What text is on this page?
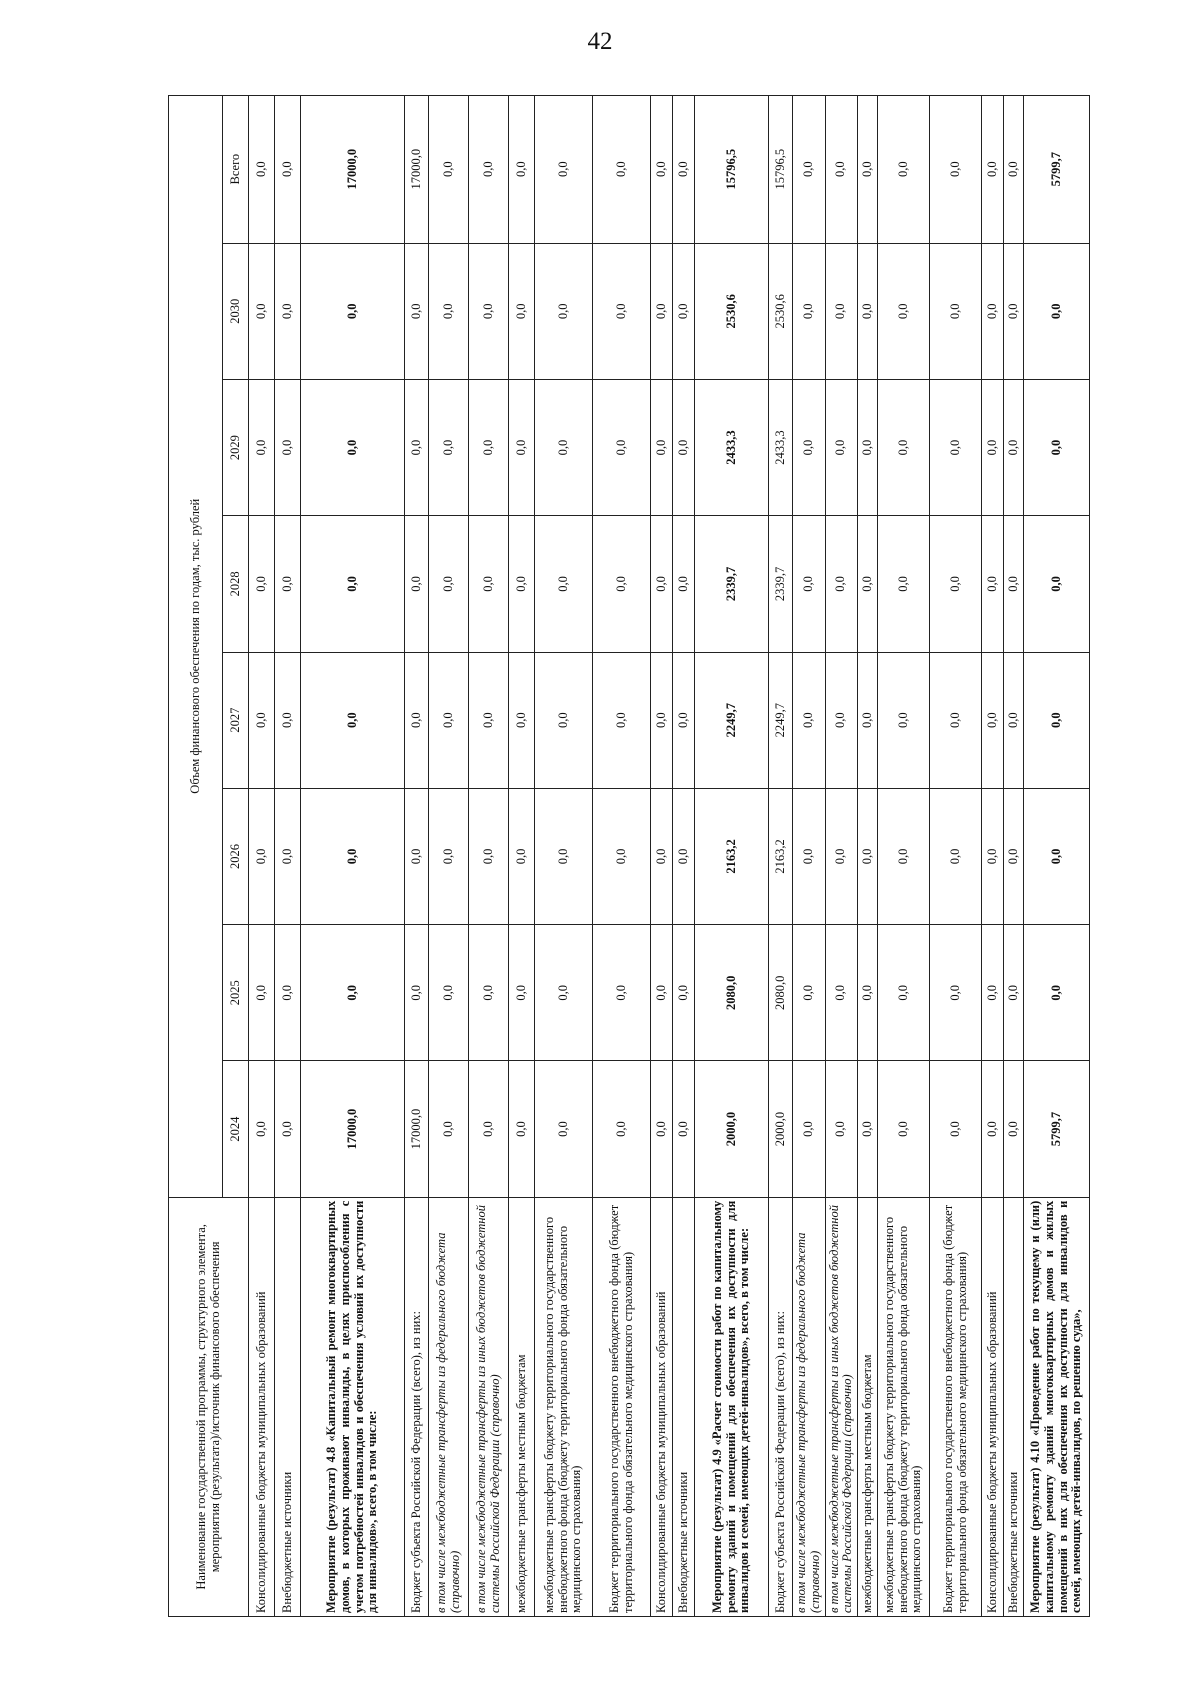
42
Наименование государственной программы, структурного элемента, мероприятия (результата)/источник финансового обеспечения	Объем финансового обеспечения по годам, тыс. рублей							
	2024	2025	2026	2027	2028	2029	2030	Всего
Консолидированные бюджеты муниципальных образований	0,0	0,0	0,0	0,0	0,0	0,0	0,0	0,0
Внебюджетные источники	0,0	0,0	0,0	0,0	0,0	0,0	0,0	0,0
Мероприятие (результат) 4.8 «Капитальный ремонт многоквартирных домов, в которых проживают инвалиды, в целях приспособления с учетом потребностей инвалидов и обеспечения условий их доступности для инвалидов», всего, в том числе:	17000,0	0,0	0,0	0,0	0,0	0,0	0,0	17000,0
Бюджет субъекта Российской Федерации (всего), из них:	17000,0	0,0	0,0	0,0	0,0	0,0	0,0	17000,0
в том числе межбюджетные трансферты из федерального бюджета (справочно)	0,0	0,0	0,0	0,0	0,0	0,0	0,0	0,0
в том числе межбюджетные трансферты из иных бюджетов бюджетной системы Российской Федерации (справочно)	0,0	0,0	0,0	0,0	0,0	0,0	0,0	0,0
межбюджетные трансферты местным бюджетам	0,0	0,0	0,0	0,0	0,0	0,0	0,0	0,0
межбюджетные трансферты бюджету территориального государственного внебюджетного фонда (бюджету территориального фонда обязательного медицинского страхования)	0,0	0,0	0,0	0,0	0,0	0,0	0,0	0,0
Бюджет территориального государственного внебюджетного фонда (бюджет территориального фонда обязательного медицинского страхования)	0,0	0,0	0,0	0,0	0,0	0,0	0,0	0,0
Консолидированные бюджеты муниципальных образований	0,0	0,0	0,0	0,0	0,0	0,0	0,0	0,0
Внебюджетные источники	0,0	0,0	0,0	0,0	0,0	0,0	0,0	0,0
Мероприятие (результат) 4.9 «Расчет стоимости работ по капитальному ремонту зданий и помещений для обеспечения их доступности для инвалидов и семей, имеющих детей-инвалидов», всего, в том числе:	2000,0	2080,0	2163,2	2249,7	2339,7	2433,3	2530,6	15796,5
Бюджет субъекта Российской Федерации (всего), из них:	2000,0	2080,0	2163,2	2249,7	2339,7	2433,3	2530,6	15796,5
в том числе межбюджетные трансферты из федерального бюджета (справочно)	0,0	0,0	0,0	0,0	0,0	0,0	0,0	0,0
в том числе межбюджетные трансферты из иных бюджетов бюджетной системы Российской Федерации (справочно)	0,0	0,0	0,0	0,0	0,0	0,0	0,0	0,0
межбюджетные трансферты местным бюджетам	0,0	0,0	0,0	0,0	0,0	0,0	0,0	0,0
межбюджетные трансферты бюджету территориального государственного внебюджетного фонда (бюджету территориального фонда обязательного медицинского страхования)	0,0	0,0	0,0	0,0	0,0	0,0	0,0	0,0
Бюджет территориального государственного внебюджетного фонда (бюджет территориального фонда обязательного медицинского страхования)	0,0	0,0	0,0	0,0	0,0	0,0	0,0	0,0
Консолидированные бюджеты муниципальных образований	0,0	0,0	0,0	0,0	0,0	0,0	0,0	0,0
Внебюджетные источники	0,0	0,0	0,0	0,0	0,0	0,0	0,0	0,0
Мероприятие (результат) 4.10 «Проведение работ по текущему и (или) капитальному ремонту зданий многоквартирных домов и жилых помещений в них для обеспечения их доступности для инвалидов и семей, имеющих детей-инвалидов, по решению суда»,	5799,7	0,0	0,0	0,0	0,0	0,0	0,0	5799,7
